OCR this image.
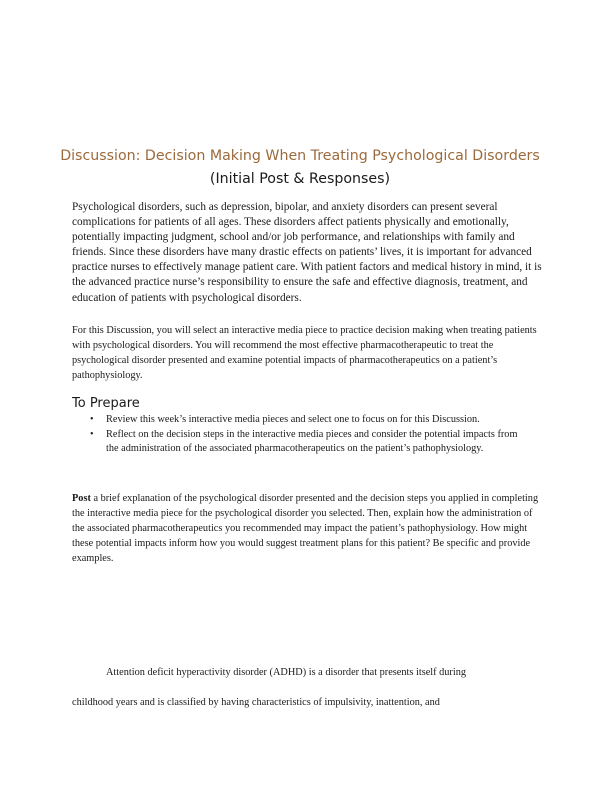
Discussion: Decision Making When Treating Psychological Disorders
(Initial Post & Responses)

Psychological disorders, such as depression, bipolar, and anxiety disorders can present several complications for patients of all ages. These disorders affect patients physically and emotionally, potentially impacting judgment, school and/or job performance, and relationships with family and friends. Since these disorders have many drastic effects on patients’ lives, it is important for advanced practice nurses to effectively manage patient care. With patient factors and medical history in mind, it is the advanced practice nurse’s responsibility to ensure the safe and effective diagnosis, treatment, and education of patients with psychological disorders.

For this Discussion, you will select an interactive media piece to practice decision making when treating patients with psychological disorders. You will recommend the most effective pharmacotherapeutic to treat the psychological disorder presented and examine potential impacts of pharmacotherapeutics on a patient’s pathophysiology.

To Prepare
• Review this week’s interactive media pieces and select one to focus on for this Discussion.
• Reflect on the decision steps in the interactive media pieces and consider the potential impacts from the administration of the associated pharmacotherapeutics on the patient’s pathophysiology.

Post a brief explanation of the psychological disorder presented and the decision steps you applied in completing the interactive media piece for the psychological disorder you selected. Then, explain how the administration of the associated pharmacotherapeutics you recommended may impact the patient’s pathophysiology. How might these potential impacts inform how you would suggest treatment plans for this patient? Be specific and provide examples.

Attention deficit hyperactivity disorder (ADHD) is a disorder that presents itself during

childhood years and is classified by having characteristics of impulsivity, inattention, and
